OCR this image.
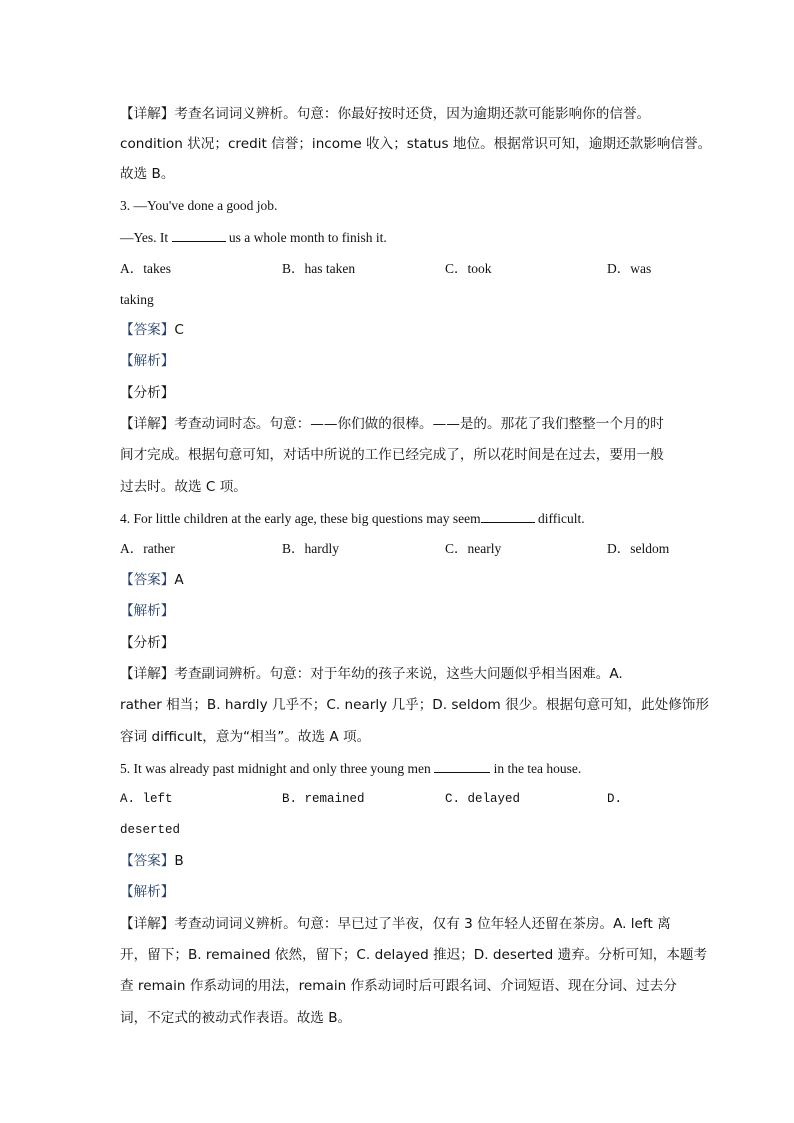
【详解】考查名词词义辨析。句意：你最好按时还贷，因为逾期还款可能影响你的信誉。
condition 状况；credit 信誉；income 收入；status 地位。根据常识可知，逾期还款影响信誉。
故选 B。
3. —You've done a good job.
—Yes. It	us a whole month to finish it.
A．takes	B．has taken	C．took	D．was
taking
【答案】C
【解析】
【分析】
【详解】考查动词时态。句意：——你们做的很棒。——是的。那花了我们整整一个月的时
间才完成。根据句意可知，对话中所说的工作已经完成了，所以花时间是在过去，要用一般
过去时。故选 C 项。
4. For little children at the early age, these big questions may seem	difficult.
A．rather	B．hardly	C．nearly	D．seldom
【答案】A
【解析】
【分析】
【详解】考查副词辨析。句意：对于年幼的孩子来说，这些大问题似乎相当困难。A.
rather 相当；B. hardly 几乎不；C. nearly 几乎；D. seldom 很少。根据句意可知，此处修饰形
容词 difficult，意为“相当”。故选 A 项。
5. It was already past midnight and only three young men	in the tea house.
A. left	B. remained	C. delayed	D.
deserted
【答案】B
【解析】
【详解】考查动词词义辨析。句意：早已过了半夜，仅有 3 位年轻人还留在茶房。A. left 离
开，留下；B. remained 依然，留下；C. delayed 推迟；D. deserted 遗弃。分析可知，本题考
查 remain 作系动词的用法，remain 作系动词时后可跟名词、介词短语、现在分词、过去分
词，不定式的被动式作表语。故选 B。
